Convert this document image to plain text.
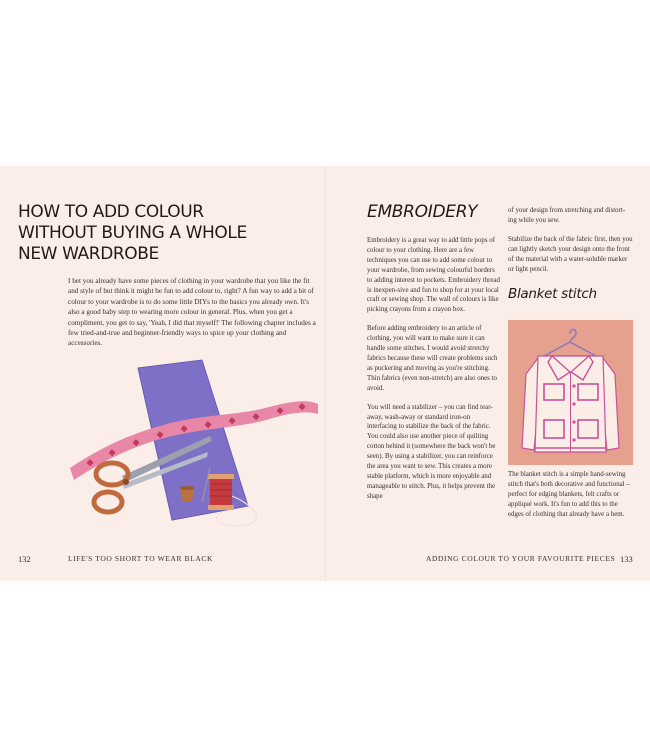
HOW TO ADD COLOUR
WITHOUT BUYING A WHOLE
NEW WARDROBE

I bet you already have some pieces of clothing in your wardrobe that you like the fit and style of but think it might be fun to add colour to, right? A fun way to add a bit of colour to your wardrobe is to do some little DIYs to the basics you already own. It's also a good baby step to wearing more colour in general. Plus, when you get a compliment, you get to say, 'Yeah, I did that myself!' The following chapter includes a few tried-and-true and beginner-friendly ways to spice up your clothing and accessories.

132	LIFE'S TOO SHORT TO WEAR BLACK
EMBROIDERY

Embroidery is a great way to add little pops of colour to your clothing. Here are a few techniques you can use to add some colour to your wardrobe, from sewing colourful borders to adding interest to pockets. Embroidery thread is inexpen-sive and fun to shop for at your local craft or sewing shop. The wall of colours is like picking crayons from a crayon box.

Before adding embroidery to an article of clothing, you will want to make sure it can handle some stitches. I would avoid stretchy fabrics because these will create problems such as puckering and moving as you're stitching. Thin fabrics (even non-stretch) are also ones to avoid.

You will need a stabilizer – you can find tear-away, wash-away or standard iron-on interfacing to stabilize the back of the fabric. You could also use another piece of quilting cotton behind it (somewhere the back won't be seen). By using a stabilizer, you can reinforce the area you want to sew. This creates a more stable platform, which is more enjoyable and manageable to stitch. Plus, it helps prevent the shape

of your design from stretching and distort-ing while you sew.

Stabilize the back of the fabric first, then you can lightly sketch your design onto the front of the material with a water-soluble marker or light pencil.

Blanket stitch

The blanket stitch is a simple hand-sewing stitch that's both decorative and functional – perfect for edging blankets, felt crafts or appliqué work. It's fun to add this to the edges of clothing that already have a hem.

ADDING COLOUR TO YOUR FAVOURITE PIECES 133
